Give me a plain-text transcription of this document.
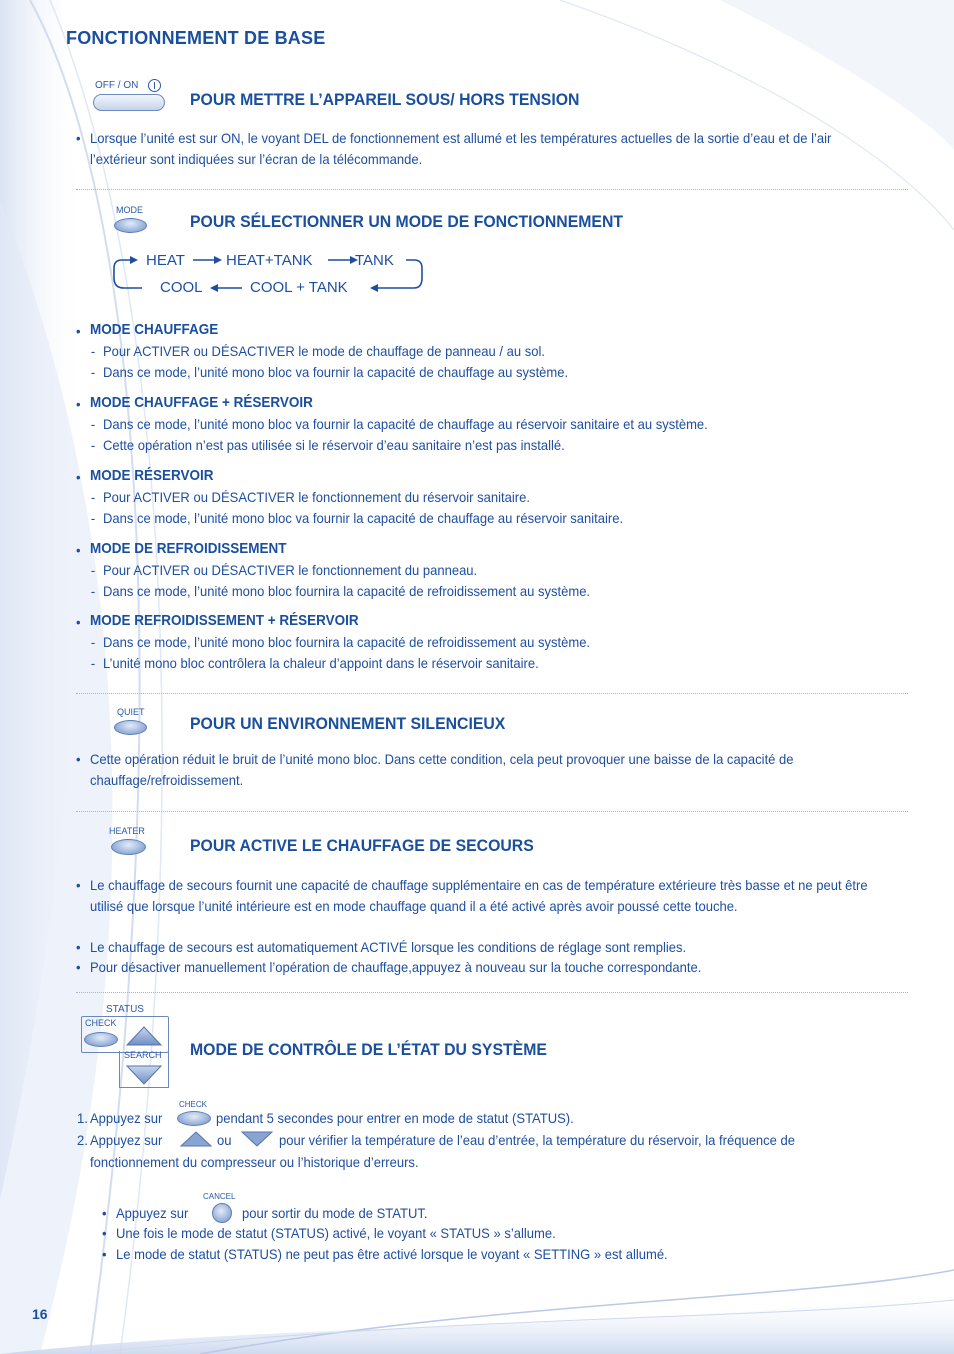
FONCTIONNEMENT DE BASE
OFF / ON
POUR METTRE L’APPAREIL SOUS/ HORS TENSION
• Lorsque l’unité est sur ON, le voyant DEL de fonctionnement est allumé et les températures actuelles de la sortie d’eau et de l’air l’extérieur sont indiquées sur l’écran de la télécommande.
MODE
POUR SÉLECTIONNER UN MODE DE FONCTIONNEMENT
HEAT	HEAT+TANK	TANK
COOL + TANK
COOL
• MODE CHAUFFAGE
- Pour ACTIVER ou DÉSACTIVER le mode de chauffage de panneau / au sol.
- Dans ce mode, l’unité mono bloc va fournir la capacité de chauffage au système.
• MODE CHAUFFAGE + RÉSERVOIR
- Dans ce mode, l’unité mono bloc va fournir la capacité de chauffage au réservoir sanitaire et au système.
- Cette opération n’est pas utilisée si le réservoir d’eau sanitaire n’est pas installé.
• MODE RÉSERVOIR
- Pour ACTIVER ou DÉSACTIVER le fonctionnement du réservoir sanitaire.
- Dans ce mode, l’unité mono bloc va fournir la capacité de chauffage au réservoir sanitaire.
• MODE DE REFROIDISSEMENT
- Pour ACTIVER ou DÉSACTIVER le fonctionnement du panneau.
- Dans ce mode, l’unité mono bloc fournira la capacité de refroidissement au système.
• MODE REFROIDISSEMENT + RÉSERVOIR
- Dans ce mode, l’unité mono bloc fournira la capacité de refroidissement au système.
- L’unité mono bloc contrôlera la chaleur d’appoint dans le réservoir sanitaire.
QUIET
POUR UN ENVIRONNEMENT SILENCIEUX
• Cette opération réduit le bruit de l’unité mono bloc. Dans cette condition, cela peut provoquer une baisse de la capacité de chauffage/refroidissement.
HEATER
POUR ACTIVE LE CHAUFFAGE DE SECOURS
• Le chauffage de secours fournit une capacité de chauffage supplémentaire en cas de température extérieure très basse et ne peut être utilisé que lorsque l’unité intérieure est en mode chauffage quand il a été activé après avoir poussé cette touche.
• Le chauffage de secours est automatiquement ACTIVÉ lorsque les conditions de réglage sont remplies.
• Pour désactiver manuellement l’opération de chauffage,appuyez à nouveau sur la touche correspondante.
STATUS
CHECK
SEARCH MODE DE CONTRÔLE DE L’ÉTAT DU SYSTÈME
1. Appuyez sur
CHECK
pendant 5 secondes pour entrer en mode de statut (STATUS).
2. Appuyez sur	ou	pour vérifier la température de l’eau d’entrée, la température du réservoir, la fréquence de
fonctionnement du compresseur ou l’historique d’erreurs.
• Appuyez sur
CANCEL
pour sortir du mode de STATUT.
• Une fois le mode de statut (STATUS) activé, le voyant « STATUS » s’allume.
• Le mode de statut (STATUS) ne peut pas être activé lorsque le voyant « SETTING » est allumé.
16
